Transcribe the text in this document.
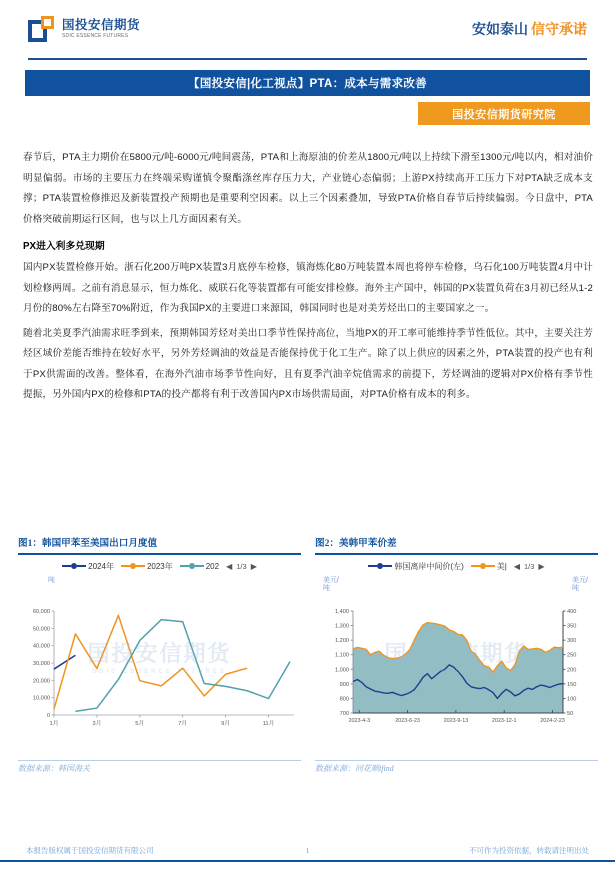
国投安信期货
SDIC ESSENCE FUTURES	安如泰山 信守承诺
【国投安信|化工视点】PTA：成本与需求改善
国投安信期货研究院

春节后，PTA主力期价在5800元/吨-6000元/吨间震荡，PTA和上海原油的价差从1800元/吨以上持续下滑至1300元/吨以内，相对油价明显偏弱。市场的主要压力在终端采购谨慎令聚酯涤丝库存压力大，产业链心态偏弱；上游PX持续高开工压力下对PTA缺乏成本支撑；PTA装置检修推迟及新装置投产预期也是重要利空因素。以上三个因素叠加，导致PTA价格自春节后持续偏弱。今日盘中，PTA价格突破前期运行区间，也与以上几方面因素有关。

PX进入利多兑现期

国内PX装置检修开始。浙石化200万吨PX装置3月底停车检修，镇海炼化80万吨装置本周也将停车检修，乌石化100万吨装置4月中计划检修两周。之前有消息显示，恒力炼化、威联石化等装置都有可能安排检修。海外主产国中，韩国的PX装置负荷在3月初已经从1-2月份的80%左右降至70%附近，作为我国PX的主要进口来源国，韩国同时也是对美芳烃出口的主要国家之一。

随着北美夏季汽油需求旺季到来，预期韩国芳烃对美出口季节性保持高位，当地PX的开工率可能维持季节性低位。其中，主要关注芳烃区域价差能否维持在较好水平，另外芳烃调油的效益是否能保持优于化工生产。除了以上供应的因素之外，PTA装置的投产也有利于PX供需面的改善。整体看，在海外汽油市场季节性向好，且有夏季汽油辛烷值需求的前提下，芳烃调油的逻辑对PX价格有季节性提振，另外国内PX的检修和PTA的投产都将有利于改善国内PX市场供需局面，对PTA价格有成本的利多。

图1：韩国甲苯至美国出口月度值
2024年	2023年	202 ◀ 1/3 ▶
吨
国投安信期货
SDIC ESSENCE FUTURES
0
10,000
20,000
30,000
40,000
50,000
60,000
1月	3月	5月	7月	9月	11月
数据来源：韩国海关
图2：美韩甲苯价差
韩国离岸中间价(左)	美| ◀ 1/3 ▶
美元/吨
美元/吨
国投安信期货
SDIC ESSENCE FUTURES
700
800
900
1,000
1,100
1,200
1,300
1,400
50
100
150
200
250
300
350
400
2023-4-3	2023-6-23	2023-9-13	2023-12-1	2024-2-23
数据来源：同花顺ifind
本报告版权属于国投安信期货有限公司	1	不可作为投资依据，转载请注明出处
